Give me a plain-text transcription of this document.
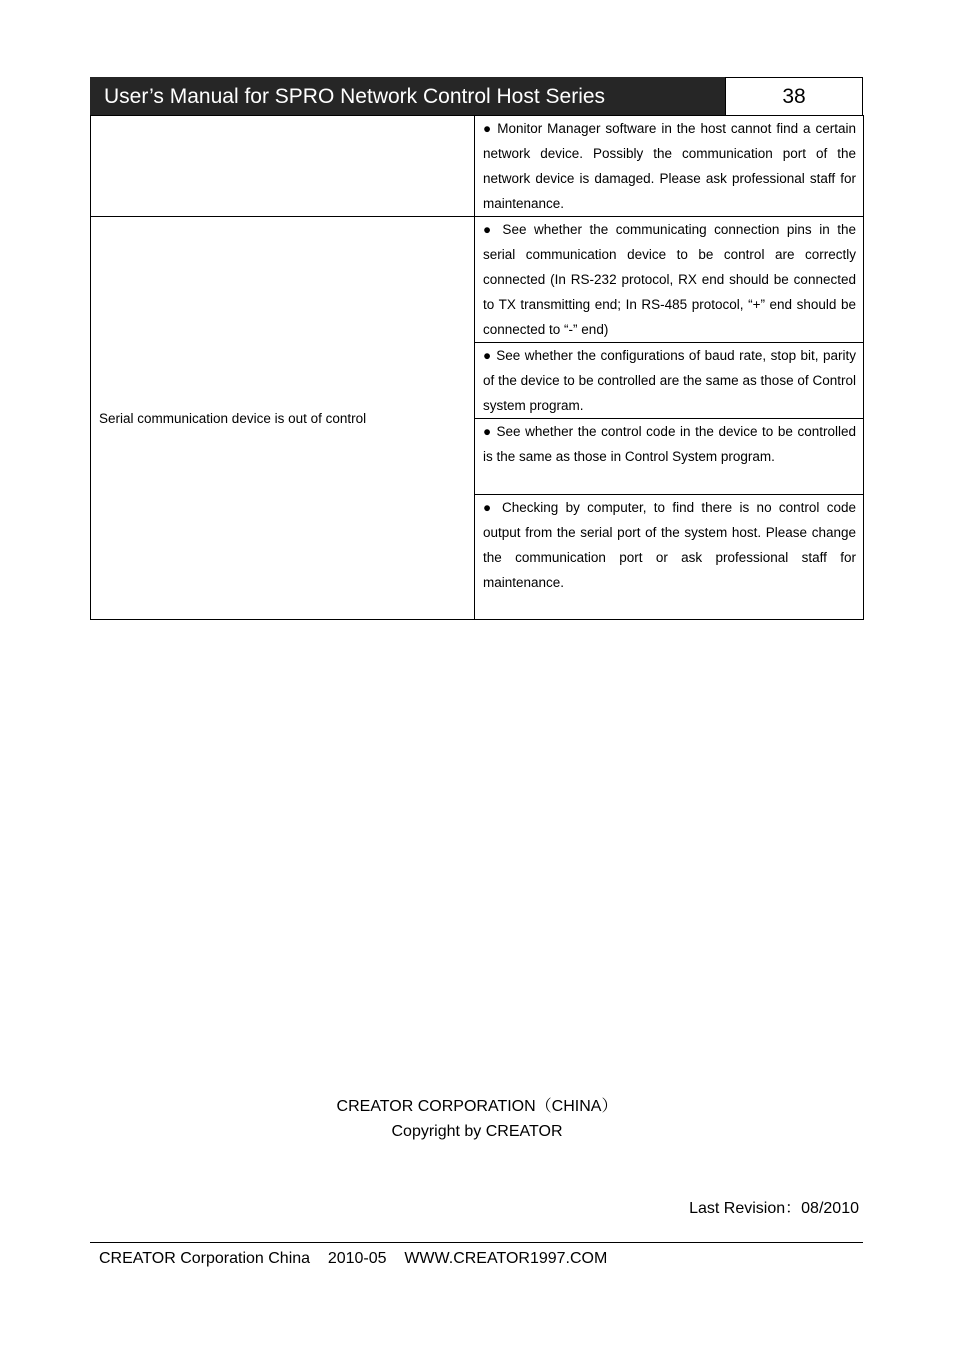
User’s Manual for SPRO Network Control Host Series	38

	● Monitor Manager software in the host cannot find a certain network device. Possibly the communication port of the network device is damaged. Please ask professional staff for maintenance.

Serial communication device is out of control	● See whether the communicating connection pins in the serial communication device to be control are correctly connected (In RS-232 protocol, RX end should be connected to TX transmitting end; In RS-485 protocol, “+” end should be connected to “-” end)

	● See whether the configurations of baud rate, stop bit, parity of the device to be controlled are the same as those of Control system program.

	● See whether the control code in the device to be controlled is the same as those in Control System program.

	● Checking by computer, to find there is no control code output from the serial port of the system host. Please change the communication port or ask professional staff for maintenance.
CREATOR CORPORATION（CHINA）
Copyright by CREATOR
Last Revision：08/2010
CREATOR Corporation China    2010-05    WWW.CREATOR1997.COM
